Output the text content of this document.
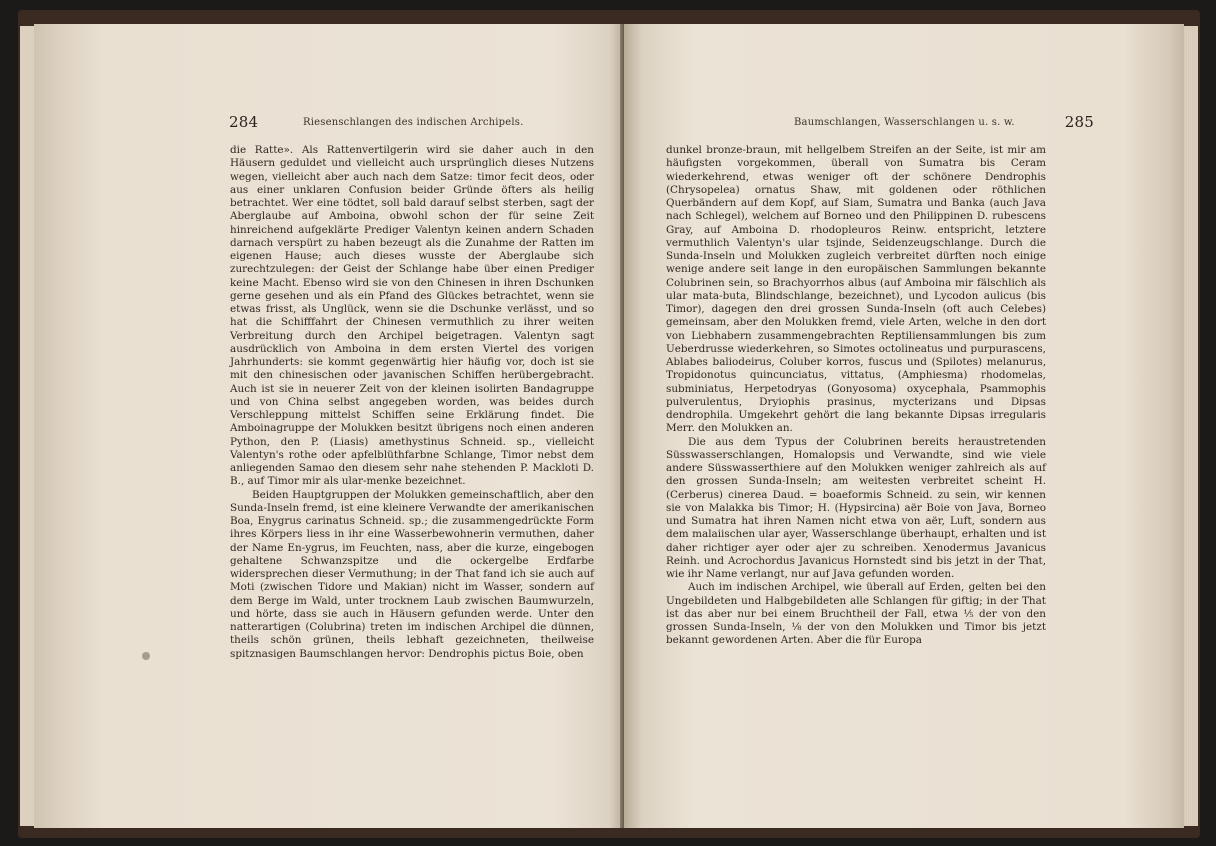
284	Riesenschlangen des indischen Archipels.

die Ratte». Als Rattenvertilgerin wird sie daher auch in den Häusern geduldet und vielleicht auch ursprünglich dieses Nutzens wegen, vielleicht aber auch nach dem Satze: timor fecit deos, oder aus einer unklaren Confusion beider Gründe öfters als heilig betrachtet. Wer eine tödtet, soll bald darauf selbst sterben, sagt der Aberglaube auf Amboina, obwohl schon der für seine Zeit hinreichend aufgeklärte Prediger Valentyn keinen andern Schaden darnach verspürt zu haben bezeugt als die Zunahme der Ratten im eigenen Hause; auch dieses wusste der Aberglaube sich zurechtzulegen: der Geist der Schlange habe über einen Prediger keine Macht. Ebenso wird sie von den Chinesen in ihren Dschunken gerne gesehen und als ein Pfand des Glückes betrachtet, wenn sie etwas frisst, als Unglück, wenn sie die Dschunke verlässt, und so hat die Schifffahrt der Chinesen vermuthlich zu ihrer weiten Verbreitung durch den Archipel beigetragen. Valentyn sagt ausdrücklich von Amboina in dem ersten Viertel des vorigen Jahrhunderts: sie kommt gegenwärtig hier häufig vor, doch ist sie mit den chinesischen oder javanischen Schiffen herübergebracht. Auch ist sie in neuerer Zeit von der kleinen isolirten Bandagruppe und von China selbst angegeben worden, was beides durch Verschleppung mittelst Schiffen seine Erklärung findet. Die Amboinagruppe der Molukken besitzt übrigens noch einen anderen Python, den P. (Liasis) amethystinus Schneid. sp., vielleicht Valentyn's rothe oder apfelblüthfarbne Schlange, Timor nebst dem anliegenden Samao den diesem sehr nahe stehenden P. Mackloti D. B., auf Timor mir als ular-menke bezeichnet.

Beiden Hauptgruppen der Molukken gemeinschaftlich, aber den Sunda-Inseln fremd, ist eine kleinere Verwandte der amerikanischen Boa, Enygrus carinatus Schneid. sp.; die zusammengedrückte Form ihres Körpers liess in ihr eine Wasserbewohnerin vermuthen, daher der Name En-ygrus, im Feuchten, nass, aber die kurze, eingebogen gehaltene Schwanzspitze und die ockergelbe Erdfarbe widersprechen dieser Vermuthung; in der That fand ich sie auch auf Moti (zwischen Tidore und Makian) nicht im Wasser, sondern auf dem Berge im Wald, unter trocknem Laub zwischen Baumwurzeln, und hörte, dass sie auch in Häusern gefunden werde. Unter den natterartigen (Colubrina) treten im indischen Archipel die dünnen, theils schön grünen, theils lebhaft gezeichneten, theilweise spitznasigen Baumschlangen hervor: Dendrophis pictus Boie, oben

Baumschlangen, Wasserschlangen u. s. w.	285

dunkel bronze-braun, mit hellgelbem Streifen an der Seite, ist mir am häufigsten vorgekommen, überall von Sumatra bis Ceram wiederkehrend, etwas weniger oft der schönere Dendrophis (Chrysopelea) ornatus Shaw, mit goldenen oder röthlichen Querbändern auf dem Kopf, auf Siam, Sumatra und Banka (auch Java nach Schlegel), welchem auf Borneo und den Philippinen D. rubescens Gray, auf Amboina D. rhodopleuros Reinw. entspricht, letztere vermuthlich Valentyn's ular tsjinde, Seidenzeugschlange. Durch die Sunda-Inseln und Molukken zugleich verbreitet dürften noch einige wenige andere seit lange in den europäischen Sammlungen bekannte Colubrinen sein, so Brachyorrhos albus (auf Amboina mir fälschlich als ular mata-buta, Blindschlange, bezeichnet), und Lycodon aulicus (bis Timor), dagegen den drei grossen Sunda-Inseln (oft auch Celebes) gemeinsam, aber den Molukken fremd, viele Arten, welche in den dort von Liebhabern zusammengebrachten Reptiliensammlungen bis zum Ueberdrusse wiederkehren, so Simotes octolineatus und purpurascens, Ablabes baliodeirus, Coluber korros, fuscus und (Spilotes) melanurus, Tropidonotus quincunciatus, vittatus, (Amphiesma) rhodomelas, subminiatus, Herpetodryas (Gonyosoma) oxycephala, Psammophis pulverulentus, Dryiophis prasinus, mycterizans und Dipsas dendrophila. Umgekehrt gehört die lang bekannte Dipsas irregularis Merr. den Molukken an.

Die aus dem Typus der Colubrinen bereits heraustretenden Süsswasserschlangen, Homalopsis und Verwandte, sind wie viele andere Süsswasserthiere auf den Molukken weniger zahlreich als auf den grossen Sunda-Inseln; am weitesten verbreitet scheint H. (Cerberus) cinerea Daud. = boaeformis Schneid. zu sein, wir kennen sie von Malakka bis Timor; H. (Hypsircina) aër Boie von Java, Borneo und Sumatra hat ihren Namen nicht etwa von aër, Luft, sondern aus dem malaiischen ular ayer, Wasserschlange überhaupt, erhalten und ist daher richtiger ayer oder ajer zu schreiben. Xenodermus Javanicus Reinh. und Acrochordus Javanicus Hornstedt sind bis jetzt in der That, wie ihr Name verlangt, nur auf Java gefunden worden.

Auch im indischen Archipel, wie überall auf Erden, gelten bei den Ungebildeten und Halbgebildeten alle Schlangen für giftig; in der That ist das aber nur bei einem Bruchtheil der Fall, etwa ⅕ der von den grossen Sunda-Inseln, ⅛ der von den Molukken und Timor bis jetzt bekannt gewordenen Arten. Aber die für Europa
